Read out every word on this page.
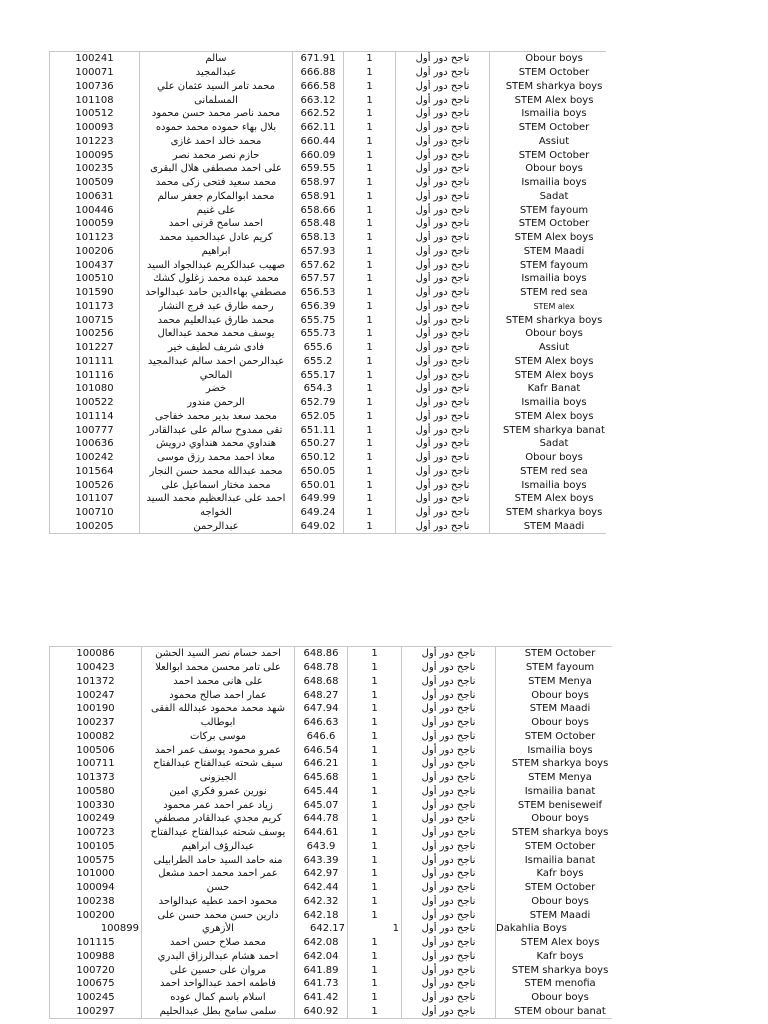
100241	سالم	671.91	1	ناجح دور أول	Obour boys
100071	عبدالمجيد	666.88	1	ناجح دور أول	STEM October
100736	محمد تامر السيد عثمان علي	666.58	1	ناجح دور أول	STEM sharkya boys
101108	المسلمانى	663.12	1	ناجح دور أول	STEM Alex boys
100512	محمد ناصر محمد حسن محمود	662.52	1	ناجح دور أول	Ismailia boys
100093	بلال بهاء حموده محمد حموده	662.11	1	ناجح دور أول	STEM October
101223	محمد خالد احمد غازى	660.44	1	ناجح دور أول	Assiut
100095	حازم نصر محمد نصر	660.09	1	ناجح دور أول	STEM October
100235	على احمد مصطفى هلال البقرى	659.55	1	ناجح دور أول	Obour boys
100509	محمد سعيد فتحى زكى محمد	658.97	1	ناجح دور أول	Ismailia boys
100631	محمد ابوالمكارم جعفر سالم	658.91	1	ناجح دور أول	Sadat
100446	على غنيم	658.66	1	ناجح دور أول	STEM fayoum
100059	احمد سامح قرنى احمد	658.48	1	ناجح دور أول	STEM October
101123	كريم عادل عبدالحميد محمد	658.13	1	ناجح دور أول	STEM Alex boys
100206	ابراهيم	657.93	1	ناجح دور أول	STEM Maadi
100437	صهيب عبدالكريم عبدالجواد السيد	657.62	1	ناجح دور أول	STEM fayoum
100510	محمد عبده محمد زغلول كشك	657.57	1	ناجح دور أول	Ismailia boys
101590	مصطفي بهاءالدين حامد عبدالواحد	656.53	1	ناجح دور أول	STEM red sea
101173	رحمه طارق عبد فرج النشار	656.39	1	ناجح دور أول	STEM alex
100715	محمد طارق عبدالعليم محمد	655.75	1	ناجح دور أول	STEM sharkya boys
100256	يوسف محمد محمد عبدالعال	655.73	1	ناجح دور أول	Obour boys
101227	فادى شريف لطيف خير	655.6	1	ناجح دور أول	Assiut
101111	عبدالرحمن احمد سالم عبدالمجيد	655.2	1	ناجح دور أول	STEM Alex boys
101116	المالحي	655.17	1	ناجح دور أول	STEM Alex boys
101080	خضر	654.3	1	ناجح دور أول	Kafr Banat
100522	الرحمن مندور	652.79	1	ناجح دور أول	Ismailia boys
101114	محمد سعد بدير محمد خفاجى	652.05	1	ناجح دور أول	STEM Alex boys
100777	تقى ممدوح سالم على عبدالقادر	651.11	1	ناجح دور أول	STEM sharkya banat
100636	هنداوي محمد هنداوي درويش	650.27	1	ناجح دور أول	Sadat
100242	معاذ احمد محمد رزق موسى	650.12	1	ناجح دور أول	Obour boys
101564	محمد عبدالله محمد حسن النجار	650.05	1	ناجح دور أول	STEM red sea
100526	محمد مختار اسماعيل على	650.01	1	ناجح دور أول	Ismailia boys
101107	احمد على عبدالعظيم محمد السيد	649.99	1	ناجح دور أول	STEM Alex boys
100710	الخواجه	649.24	1	ناجح دور أول	STEM sharkya boys
100205	عبدالرحمن	649.02	1	ناجح دور أول	STEM Maadi
100086	احمد حسام نصر السيد الحشن	648.86	1	ناجح دور أول	STEM October
100423	على تامر محسن محمد ابوالعلا	648.78	1	ناجح دور أول	STEM fayoum
101372	على هانى محمد احمد	648.68	1	ناجح دور أول	STEM Menya
100247	عمار احمد صالح محمود	648.27	1	ناجح دور أول	Obour boys
100190	شهد محمد محمود عبدالله الفقى	647.94	1	ناجح دور أول	STEM Maadi
100237	ابوطالب	646.63	1	ناجح دور أول	Obour boys
100082	موسى بركات	646.6	1	ناجح دور أول	STEM October
100506	عمرو محمود يوسف عمر احمد	646.54	1	ناجح دور أول	Ismailia boys
100711	سيف شحته عبدالفتاح عبدالفتاح	646.21	1	ناجح دور أول	STEM sharkya boys
101373	الجيزونى	645.68	1	ناجح دور أول	STEM Menya
100580	نورين عمرو فكري امين	645.44	1	ناجح دور أول	Ismailia banat
100330	زياد عمر احمد عمر محمود	645.07	1	ناجح دور أول	STEM beniseweif
100249	كريم مجدي عبدالقادر مصطفي	644.78	1	ناجح دور أول	Obour boys
100723	يوسف شحته عبدالفتاح عبدالفتاح	644.61	1	ناجح دور أول	STEM sharkya boys
100105	عبدالرؤف ابراهيم	643.9	1	ناجح دور أول	STEM October
100575	منه حامد السيد حامد الطرابيلى	643.39	1	ناجح دور أول	Ismailia banat
101000	عمر احمد محمد احمد مشعل	642.97	1	ناجح دور أول	Kafr boys
100094	حسن	642.44	1	ناجح دور أول	STEM October
100238	محمود احمد عطيه عبدالواحد	642.32	1	ناجح دور أول	Obour boys
100200	دارين حسن محمد حسن على	642.18	1	ناجح دور أول	STEM Maadi
100899	الأزهري	642.17	1	ناجح دور أول	Dakahlia Boys
101115	محمد صلاح حسن احمد	642.08	1	ناجح دور أول	STEM Alex boys
100988	احمد هشام عبدالرزاق البدري	642.04	1	ناجح دور أول	Kafr boys
100720	مروان على حسين على	641.89	1	ناجح دور أول	STEM sharkya boys
100675	فاطمه احمد عبدالواحد احمد	641.73	1	ناجح دور أول	STEM menofia
100245	اسلام باسم كمال عوده	641.42	1	ناجح دور أول	Obour boys
100297	سلمى سامح بطل عبدالحليم	640.92	1	ناجح دور أول	STEM obour banat
